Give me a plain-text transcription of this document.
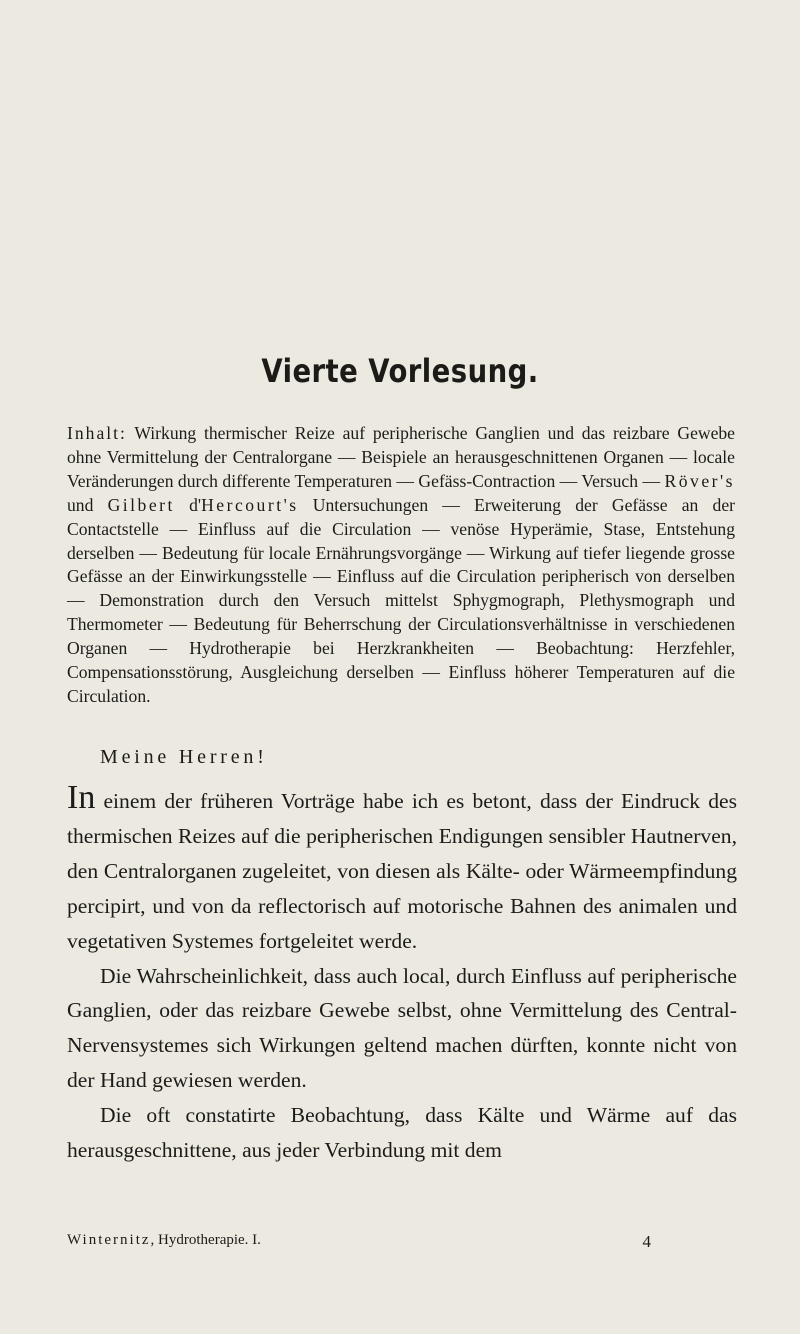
Vierte Vorlesung.

Inhalt: Wirkung thermischer Reize auf peripherische Ganglien und das reizbare Gewebe ohne Vermittelung der Centralorgane — Beispiele an herausgeschnittenen Organen — locale Veränderungen durch differente Temperaturen — Gefäss-Contraction — Versuch — Röver's und Gilbert d'Hercourt's Untersuchungen — Erweiterung der Gefässe an der Contactstelle — Einfluss auf die Circulation — venöse Hyperämie, Stase, Entstehung derselben — Bedeutung für locale Ernährungsvorgänge — Wirkung auf tiefer liegende grosse Gefässe an der Einwirkungsstelle — Einfluss auf die Circulation peripherisch von derselben — Demonstration durch den Versuch mittelst Sphygmograph, Plethysmograph und Thermometer — Bedeutung für Beherrschung der Circulationsverhältnisse in verschiedenen Organen — Hydrotherapie bei Herzkrankheiten — Beobachtung: Herzfehler, Compensationsstörung, Ausgleichung derselben — Einfluss höherer Temperaturen auf die Circulation.

Meine Herren!

In einem der früheren Vorträge habe ich es betont, dass der Eindruck des thermischen Reizes auf die peripherischen Endigungen sensibler Hautnerven, den Centralorganen zugeleitet, von diesen als Kälte- oder Wärmeempfindung percipirt, und von da reflectorisch auf motorische Bahnen des animalen und vegetativen Systemes fortgeleitet werde.

Die Wahrscheinlichkeit, dass auch local, durch Einfluss auf peripherische Ganglien, oder das reizbare Gewebe selbst, ohne Vermittelung des Central-Nervensystemes sich Wirkungen geltend machen dürften, konnte nicht von der Hand gewiesen werden.

Die oft constatirte Beobachtung, dass Kälte und Wärme auf das herausgeschnittene, aus jeder Verbindung mit dem

Winternitz, Hydrotherapie. I.	4
